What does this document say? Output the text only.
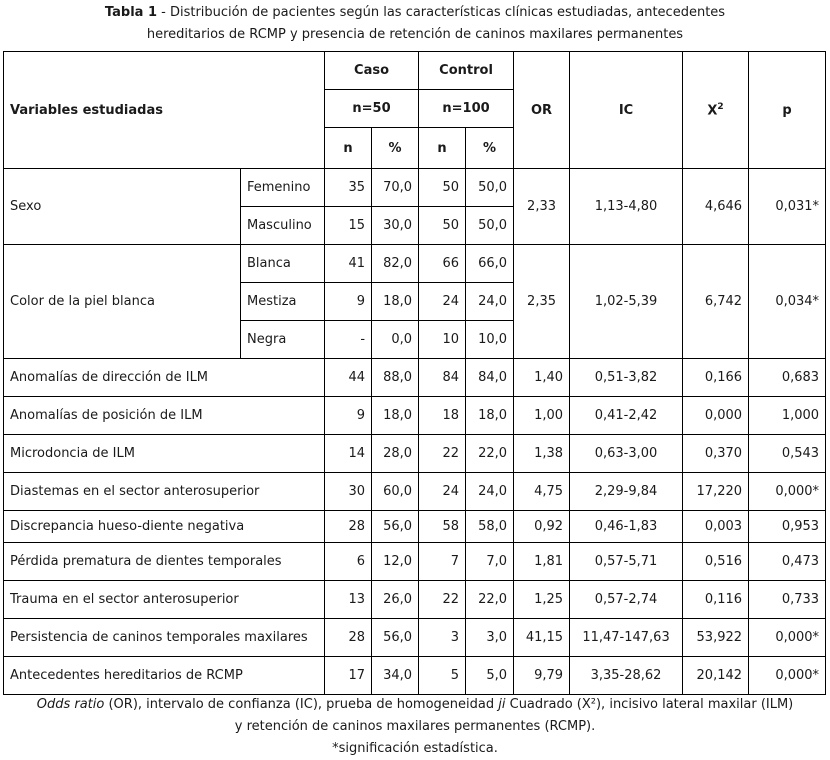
Tabla 1 - Distribución de pacientes según las características clínicas estudiadas, antecedentes
hereditarios de RCMP y presencia de retención de caninos maxilares permanentes
Variables estudiadas		Caso		Control		OR	IC	$X^2$	p
		n=50		n=100					
		n	%	n	%				
Sexo	Femenino	35	70,0	50	50,0	2,33	1,13-4,80	4,646	0,031*
	Masculino	15	30,0	50	50,0				
Color de la piel blanca	Blanca	41	82,0	66	66,0	2,35	1,02-5,39	6,742	0,034*
	Mestiza	9	18,0	24	24,0				
	Negra	-	0,0	10	10,0				
Anomalías de dirección de ILM		44	88,0	84	84,0	1,40	0,51-3,82	0,166	0,683
Anomalías de posición de ILM		9	18,0	18	18,0	1,00	0,41-2,42	0,000	1,000
Microdoncia de ILM		14	28,0	22	22,0	1,38	0,63-3,00	0,370	0,543
Diastemas en el sector anterosuperior		30	60,0	24	24,0	4,75	2,29-9,84	17,220	0,000*
Discrepancia hueso-diente negativa		28	56,0	58	58,0	0,92	0,46-1,83	0,003	0,953
Pérdida prematura de dientes temporales		6	12,0	7	7,0	1,81	0,57-5,71	0,516	0,473
Trauma en el sector anterosuperior		13	26,0	22	22,0	1,25	0,57-2,74	0,116	0,733
Persistencia de caninos temporales maxilares		28	56,0	3	3,0	41,15	11,47-147,63	53,922	0,000*
Antecedentes hereditarios de RCMP		17	34,0	5	5,0	9,79	3,35-28,62	20,142	0,000*
Odds ratio (OR), intervalo de confianza (IC), prueba de homogeneidad ji Cuadrado (X²), incisivo lateral maxilar (ILM)
y retención de caninos maxilares permanentes (RCMP).
*significación estadística.
